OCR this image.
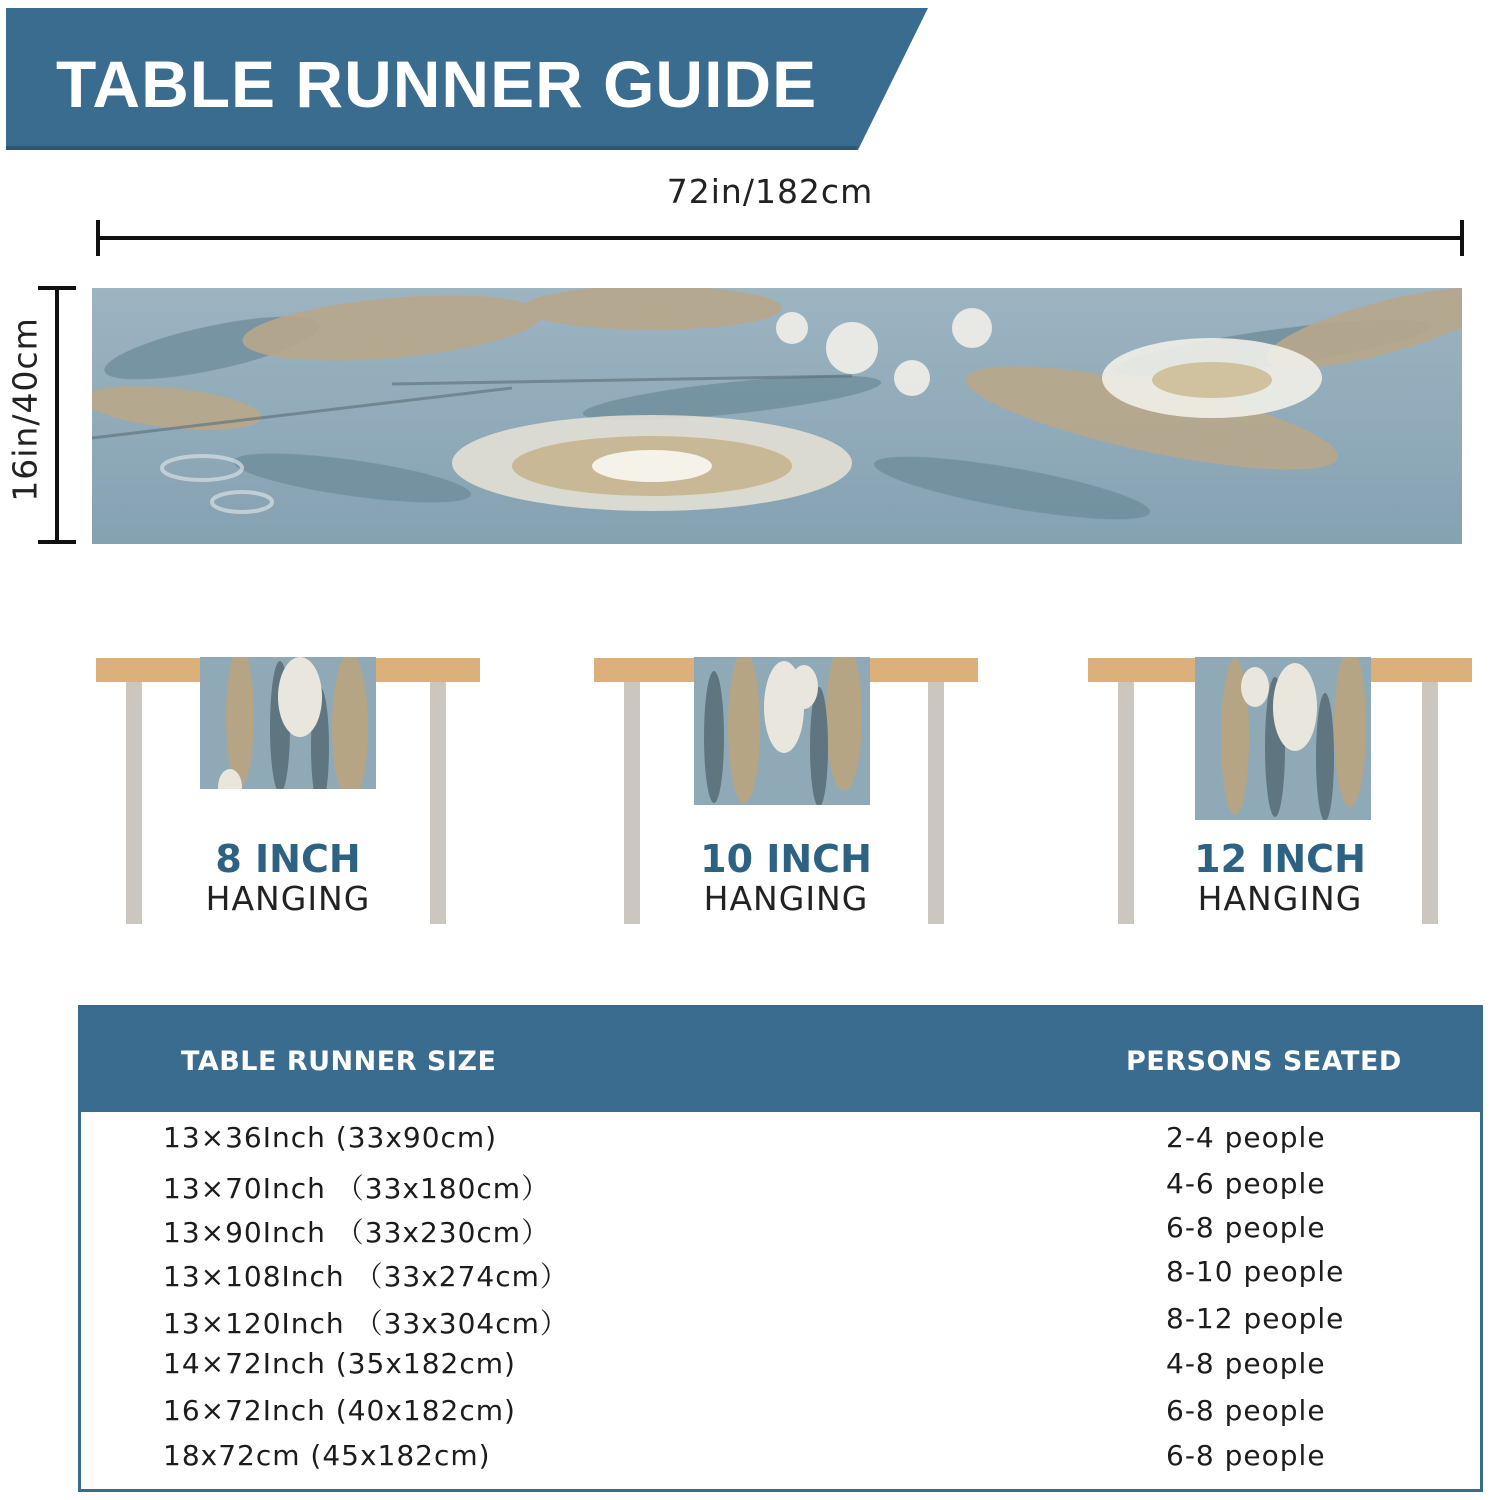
TABLE RUNNER GUIDE
72in/182cm
16in/40cm
8 INCH
HANGING
10 INCH
HANGING
12 INCH
HANGING
TABLE RUNNER SIZE	PERSONS SEATED
13×36Inch (33x90cm)	2-4 people
13×70Inch （33x180cm）	4-6 people
13×90Inch （33x230cm）	6-8 people
13×108Inch （33x274cm）	8-10 people
13×120Inch （33x304cm）	8-12 people
14×72Inch (35x182cm)	4-8 people
16×72Inch (40x182cm)	6-8 people
18x72cm (45x182cm)	6-8 people
